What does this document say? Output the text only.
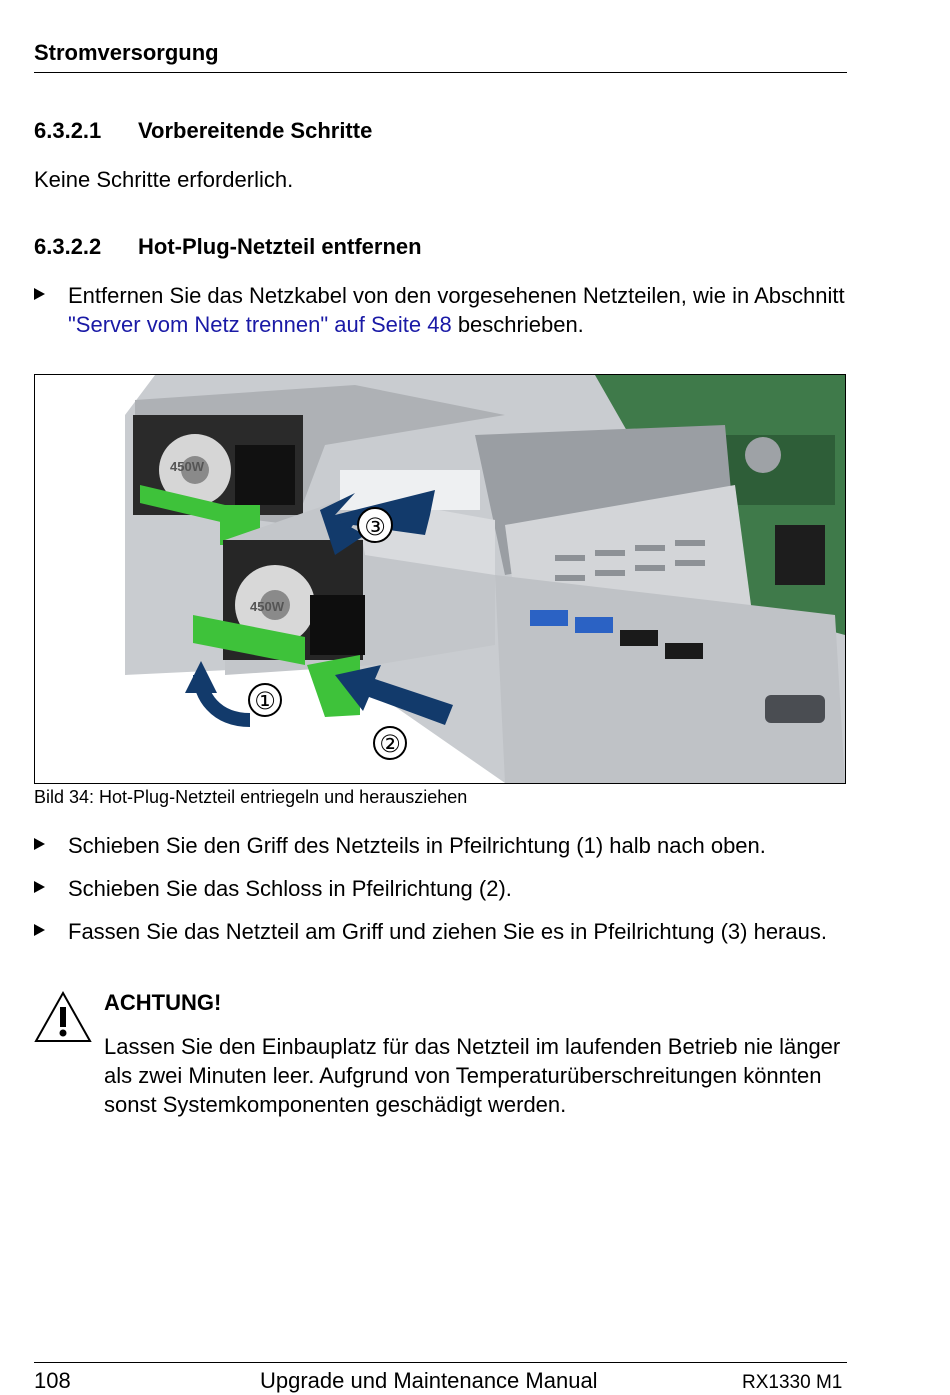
Stromversorgung
6.3.2.1 Vorbereitende Schritte
Keine Schritte erforderlich.
6.3.2.2 Hot-Plug-Netzteil entfernen
Entfernen Sie das Netzkabel von den vorgesehenen Netzteilen, wie in Abschnitt "Server vom Netz trennen" auf Seite 48 beschrieben.
450W
450W
③
①
②
Bild 34: Hot-Plug-Netzteil entriegeln und herausziehen
Schieben Sie den Griff des Netzteils in Pfeilrichtung (1) halb nach oben.
Schieben Sie das Schloss in Pfeilrichtung (2).
Fassen Sie das Netzteil am Griff und ziehen Sie es in Pfeilrichtung (3) heraus.
ACHTUNG!
Lassen Sie den Einbauplatz für das Netzteil im laufenden Betrieb nie länger als zwei Minuten leer. Aufgrund von Temperaturüberschreitungen könnten sonst Systemkomponenten geschädigt werden.
108	Upgrade und Maintenance Manual	RX1330 M1
